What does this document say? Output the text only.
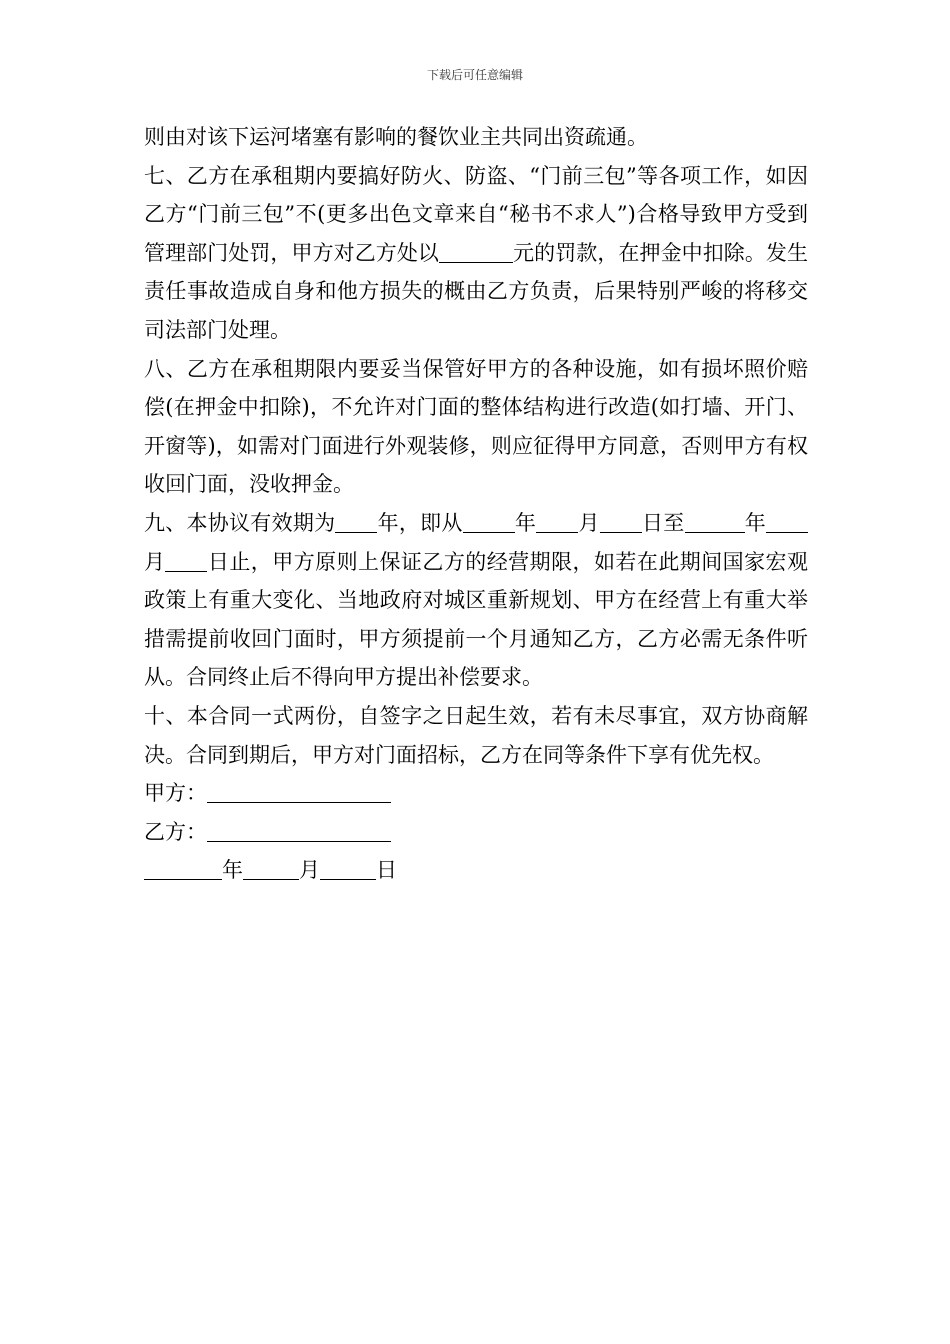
下载后可任意编辑

则由对该下运河堵塞有影响的餐饮业主共同出资疏通。

七、乙方在承租期内要搞好防火、防盗、“门前三包”等各项工作，如因乙方“门前三包”不(更多出色文章来自“秘书不求人”)合格导致甲方受到管理部门处罚，甲方对乙方处以	元的罚款，在押金中扣除。发生责任事故造成自身和他方损失的概由乙方负责，后果特别严峻的将移交司法部门处理。

八、乙方在承租期限内要妥当保管好甲方的各种设施，如有损坏照价赔偿(在押金中扣除)，不允许对门面的整体结构进行改造(如打墙、开门、开窗等)，如需对门面进行外观装修，则应征得甲方同意，否则甲方有权收回门面，没收押金。

九、本协议有效期为 年，即从 年 月 日至	年月 日止，甲方原则上保证乙方的经营期限，如若在此期间国家宏观政策上有重大变化、当地政府对城区重新规划、甲方在经营上有重大举措需提前收回门面时，甲方须提前一个月通知乙方，乙方必需无条件听从。合同终止后不得向甲方提出补偿要求。

十、本合同一式两份，自签字之日起生效，若有未尽事宜，双方协商解决。合同到期后，甲方对门面招标，乙方在同等条件下享有优先权。

甲方：

乙方：

年	月	日
